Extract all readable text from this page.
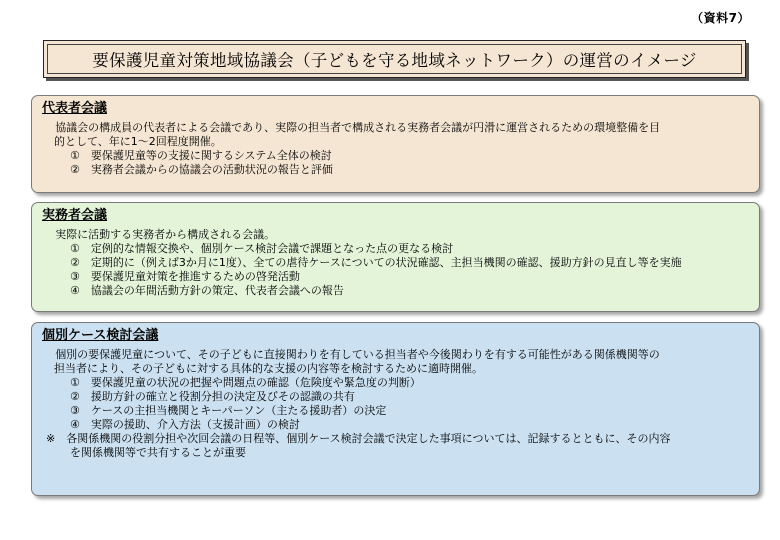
（資料7）
要保護児童対策地域協議会（子どもを守る地域ネットワーク）の運営のイメージ
代表者会議

協議会の構成員の代表者による会議であり、実際の担当者で構成される実務者会議が円滑に運営されるための環境整備を目

的として、年に1～2回程度開催。

①　要保護児童等の支援に関するシステム全体の検討

②　実務者会議からの協議会の活動状況の報告と評価

実務者会議

実際に活動する実務者から構成される会議。

①　定例的な情報交換や、個別ケース検討会議で課題となった点の更なる検討

②　定期的に（例えば3か月に1度）、全ての虐待ケースについての状況確認、主担当機関の確認、援助方針の見直し等を実施

③　要保護児童対策を推進するための啓発活動

④　協議会の年間活動方針の策定、代表者会議への報告

個別ケース検討会議

個別の要保護児童について、その子どもに直接関わりを有している担当者や今後関わりを有する可能性がある関係機関等の

担当者により、その子どもに対する具体的な支援の内容等を検討するために適時開催。

①　要保護児童の状況の把握や問題点の確認（危険度や緊急度の判断）

②　援助方針の確立と役割分担の決定及びその認識の共有

③　ケースの主担当機関とキーパーソン（主たる援助者）の決定

④　実際の援助、介入方法（支援計画）の検討

※　各関係機関の役割分担や次回会議の日程等、個別ケース検討会議で決定した事項については、記録するとともに、その内容

を関係機関等で共有することが重要
